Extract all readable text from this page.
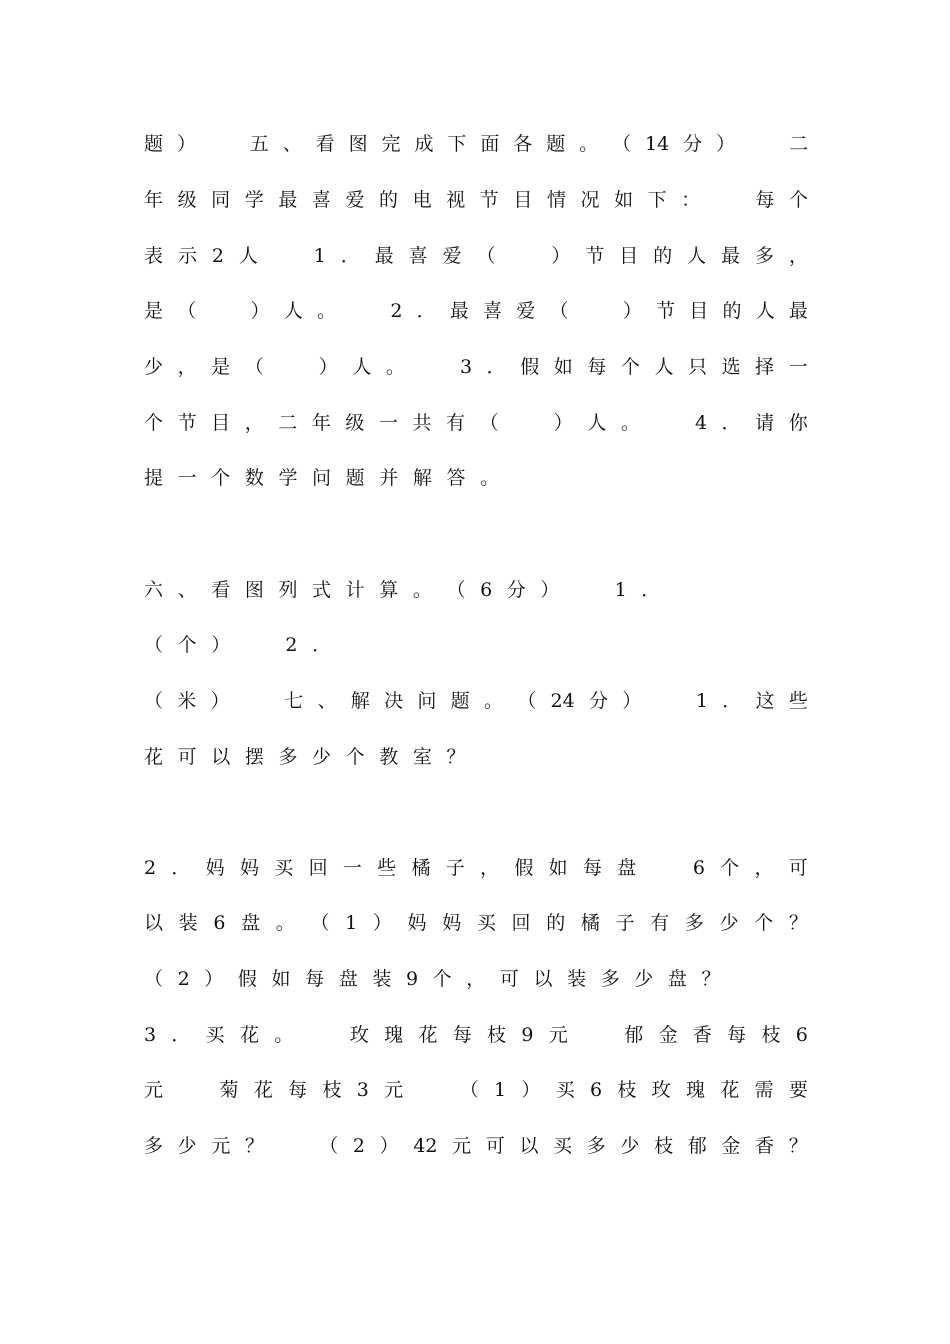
题 ）
	五 、 看 图 完 成 下 面 各 题 。 （ 14 分 ）
	二
年 级 同 学 最 喜 爱 的 电 视 节 目 情 况 如 下 ：
	每 个
表 示 2 人
	1 ． 最 喜 爱 （
	） 节 目 的 人 最 多 ，
是 （
	） 人 。
	2 ． 最 喜 爱 （
	） 节 目 的 人 最
少 ， 是 （
	） 人 。
	3 ． 假 如 每 个 人 只 选 择 一
个 节 目 ， 二 年 级 一 共 有 （
	） 人 。
	4 ． 请 你
提 一 个 数 学 问 题 并 解 答 。
六 、 看 图 列 式 计 算 。 （ 6 分 ）
	1 ．
（ 个 ）
	2 ．
（ 米 ）
	七 、 解 决 问 题 。 （ 24 分 ）
	1 ． 这 些
花 可 以 摆 多 少 个 教 室 ？
2 ． 妈 妈 买 回 一 些 橘 子 ， 假 如 每 盘
	6 个 ， 可
以 装 6 盘 。 （ 1 ） 妈 妈 买 回 的 橘 子 有 多 少 个 ？
（ 2 ） 假 如 每 盘 装 9 个 ， 可 以 装 多 少 盘 ？
3 ． 买 花 。
	玫 瑰 花 每 枝 9 元
	郁 金 香 每 枝 6
元
	菊 花 每 枝 3 元
	（ 1 ） 买 6 枝 玫 瑰 花 需 要
多 少 元 ？
	（ 2 ） 42 元 可 以 买 多 少 枝 郁 金 香 ？
